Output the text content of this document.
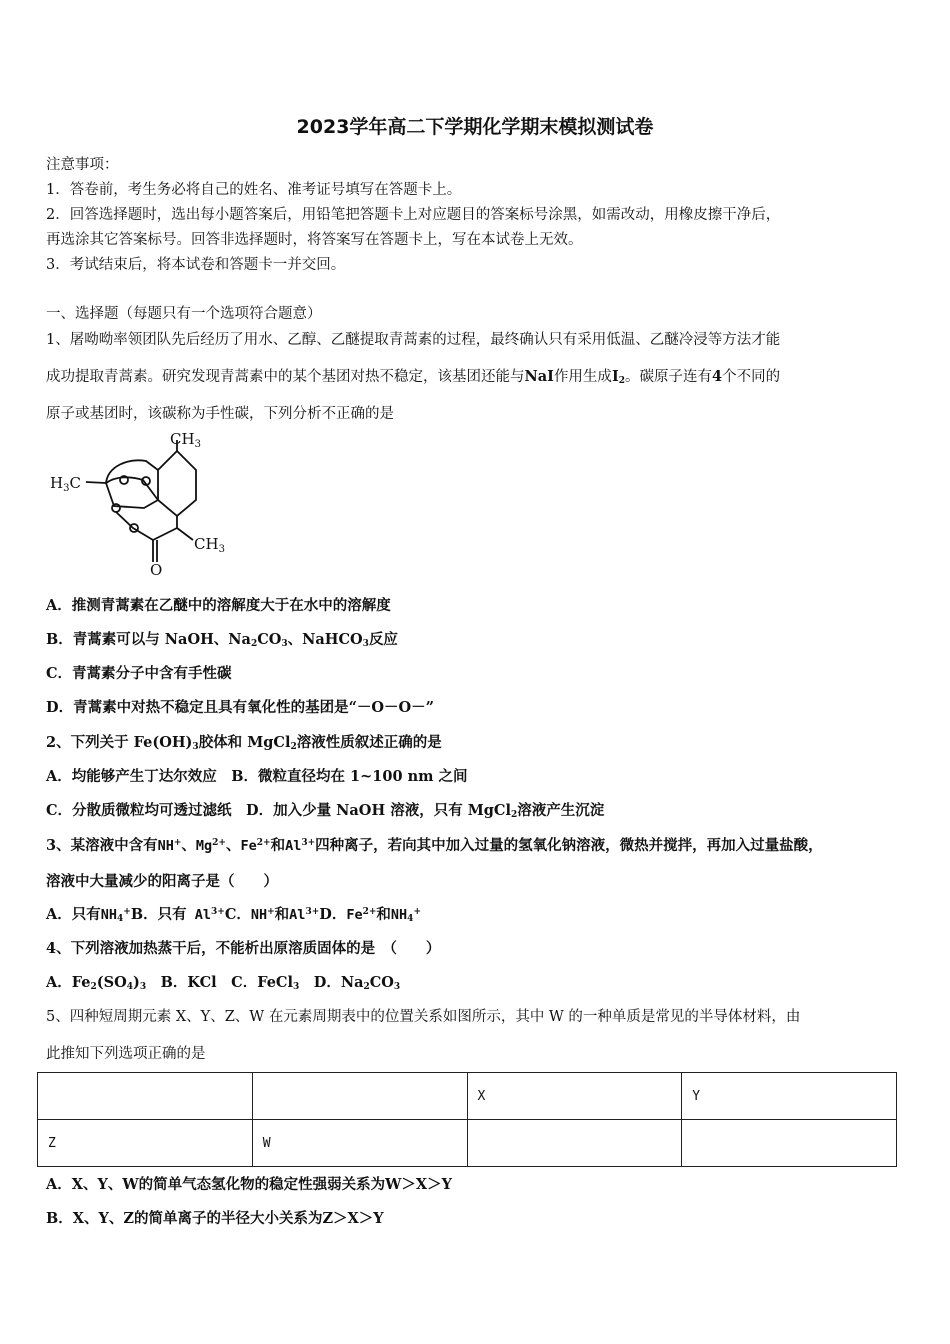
2023学年高二下学期化学期末模拟测试卷
注意事项：
1．答卷前，考生务必将自己的姓名、准考证号填写在答题卡上。
2．回答选择题时，选出每小题答案后，用铅笔把答题卡上对应题目的答案标号涂黑，如需改动，用橡皮擦干净后，
再选涂其它答案标号。回答非选择题时，将答案写在答题卡上，写在本试卷上无效。
3．考试结束后，将本试卷和答题卡一并交回。
一、选择题（每题只有一个选项符合题意）
1、屠呦呦率领团队先后经历了用水、乙醇、乙醚提取青蒿素的过程，最终确认只有采用低温、乙醚冷浸等方法才能
成功提取青蒿素。研究发现青蒿素中的某个基团对热不稳定，该基团还能与NaI作用生成$I_2$。碳原子连有4个不同的
原子或基团时，该碳称为手性碳，下列分析不正确的是
$CH_3$
$H_3C$
$CH_3$
O
A．推测青蒿素在乙醚中的溶解度大于在水中的溶解度
B．青蒿素可以与 NaOH、$Na_2CO_3$、NaHCO$_3$反应
C．青蒿素分子中含有手性碳
D．青蒿素中对热不稳定且具有氧化性的基团是“－O－O－”
2、下列关于 $Fe(OH)_3$胶体和 MgCl$_2$溶液性质叙述正确的是
A．均能够产生丁达尔效应　B．微粒直径均在 1~100 nm 之间
C．分散质微粒均可透过滤纸　D．加入少量 NaOH 溶液，只有 MgCl$_2$溶液产生沉淀
3、某溶液中含有NH+、$Mg^{2+}$、$Fe^{2+}$和$Al^{3+}$四种离子，若向其中加入过量的氢氧化钠溶液，微热并搅拌，再加入过量盐酸，
溶液中大量减少的阳离子是（　　）
A．只有$NH_4^+B$．只有 $Al^{3+}C$．NH+和$Al^{3+}D$．$Fe^{2+}$和$NH_4^+$
4、下列溶液加热蒸干后，不能析出原溶质固体的是　（　　）
A．$Fe_2(SO_4)_3$　 B．KCl　 C．FeCl$_3$　 D．$Na_2CO_3$
5、四种短周期元素 X、Y、Z、W 在元素周期表中的位置关系如图所示，其中 W 的一种单质是常见的半导体材料，由
此推知下列选项正确的是
		X	Y
Z	W		
A．X、Y、W的简单气态氢化物的稳定性强弱关系为W＞X＞Y
B．X、Y、Z的简单离子的半径大小关系为Z＞X＞Y
